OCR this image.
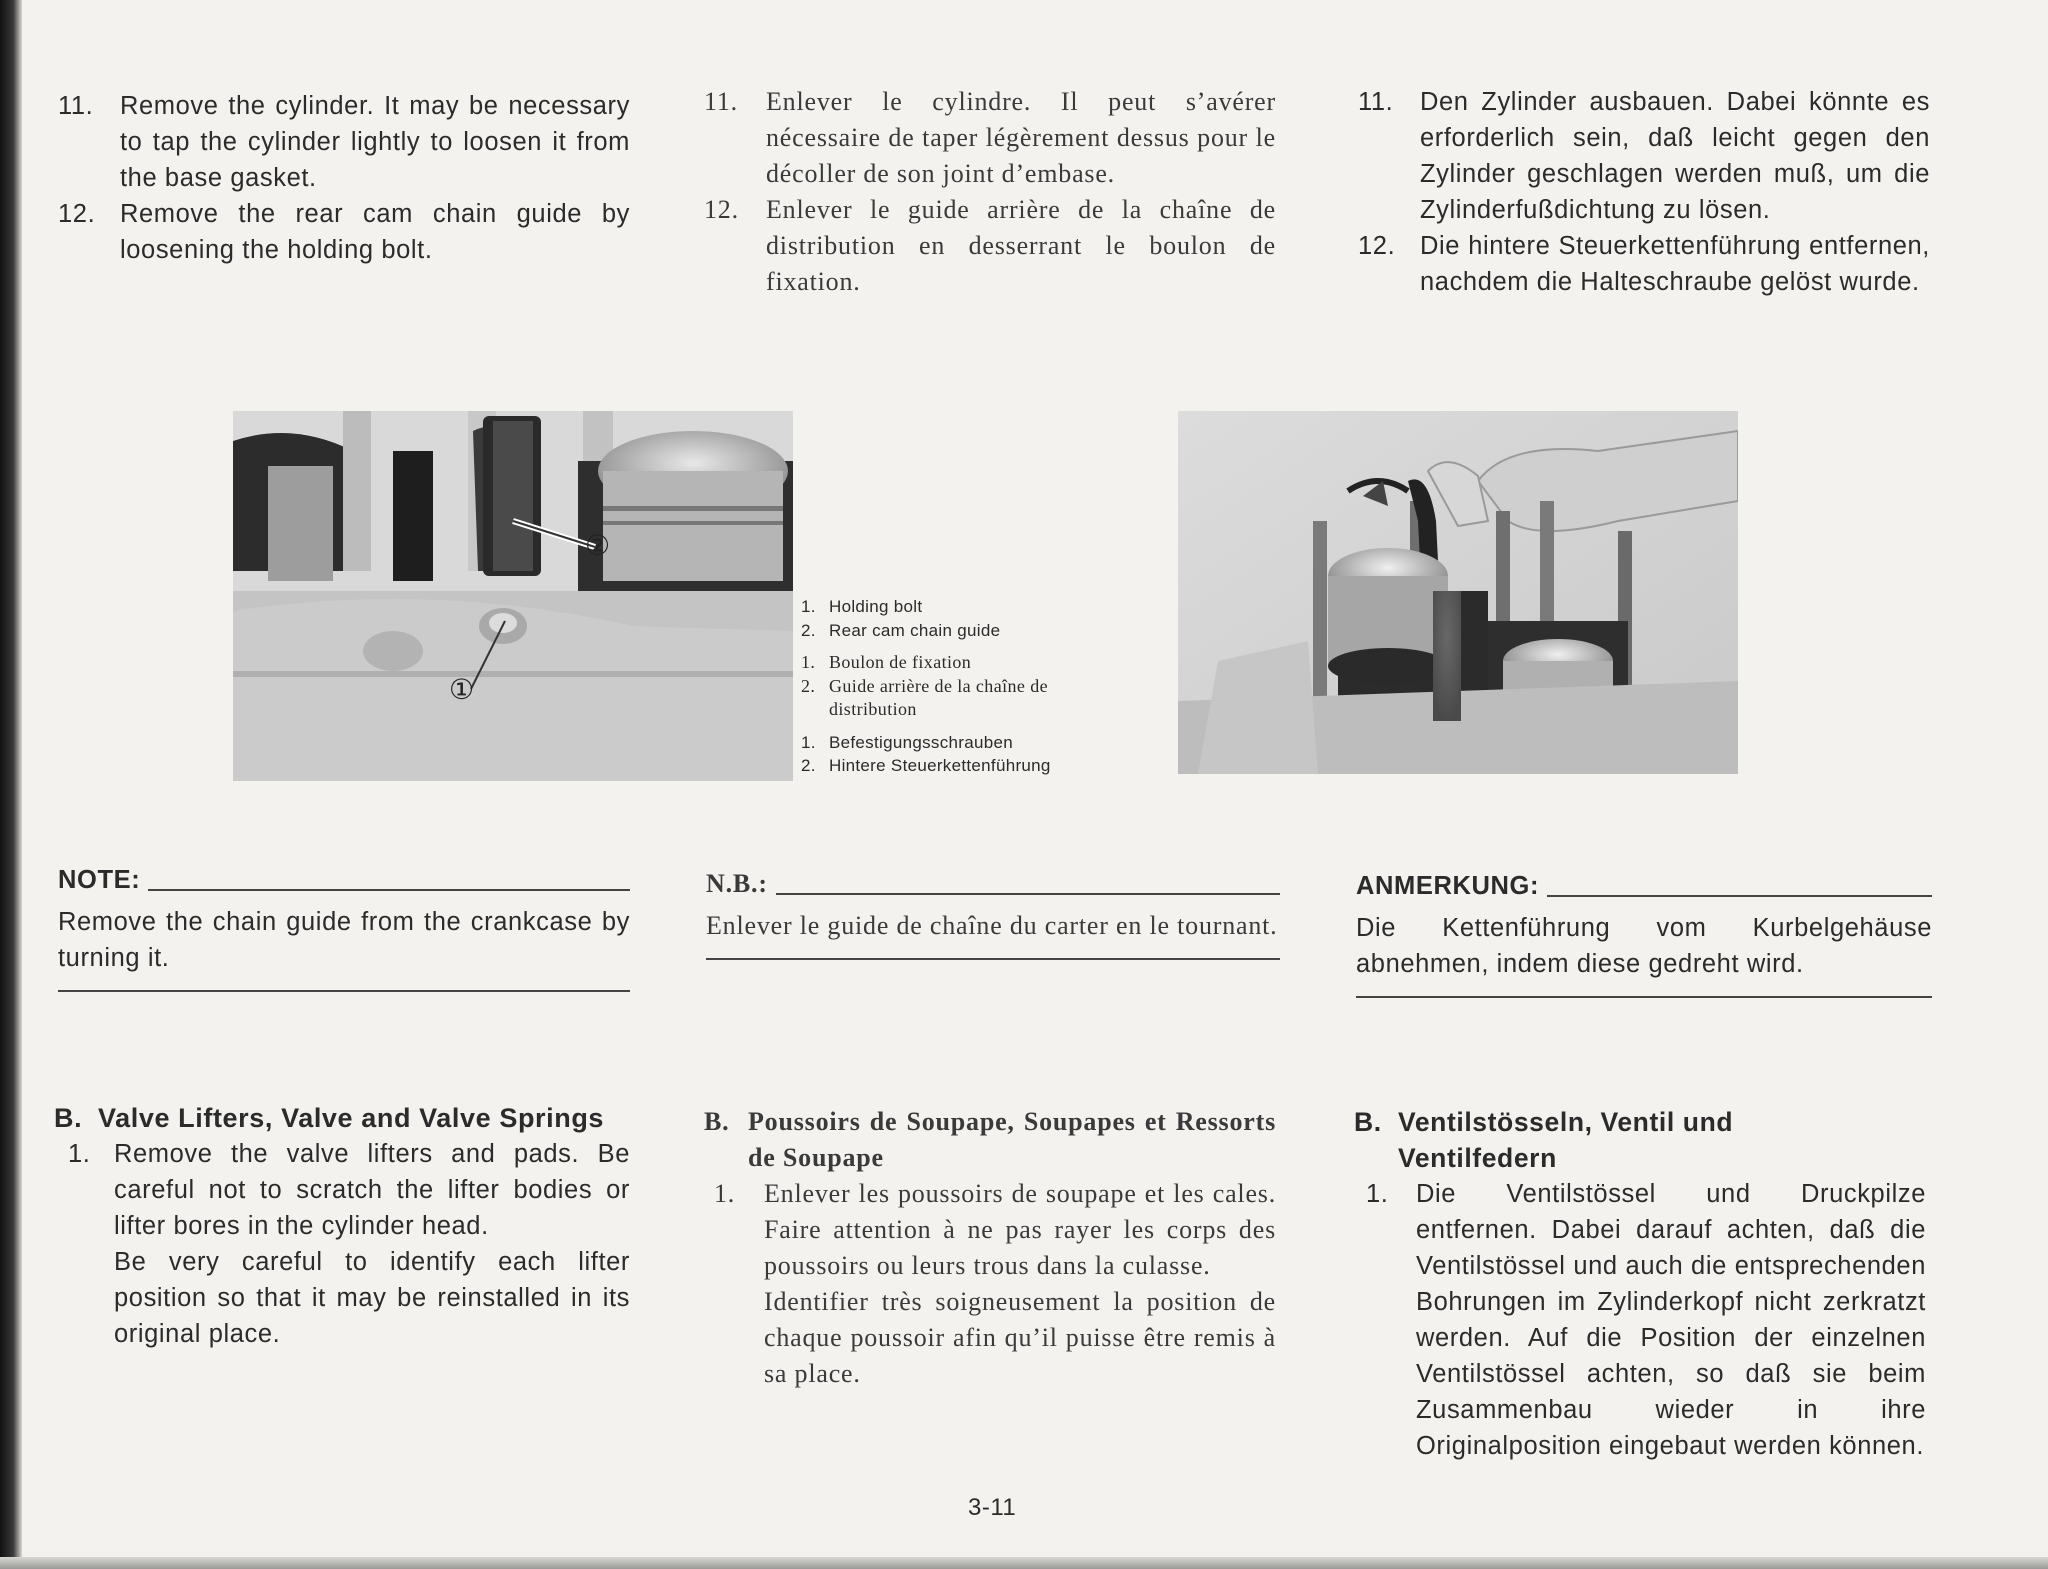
11.	Remove the cylinder. It may be necessary to tap the cylinder lightly to loosen it from the base gasket.

12. Remove the rear cam chain guide by loosening the holding bolt.

11.	Enlever le cylindre. Il peut s’avérer nécessaire de taper légèrement dessus pour le décoller de son joint d’embase.

12.	Enlever le guide arrière de la chaîne de distribution en desserrant le boulon de fixation.

11.	Den Zylinder ausbauen. Dabei könnte es erforderlich sein, daß leicht gegen den Zylinder geschlagen werden muß, um die Zylinderfußdichtung zu lösen.

12. Die hintere Steuerkettenführung entfernen, nachdem die Halteschraube gelöst wurde.

①
②
1. Holding bolt
2. Rear cam chain guide
1. Boulon de fixation
2. Guide arrière de la chaîne de distribution
1. Befestigungsschrauben
2. Hintere Steuerkettenführung
NOTE:
Remove the chain guide from the crankcase by turning it.
N.B.:
Enlever le guide de chaîne du carter en le tournant.
ANMERKUNG:
Die Kettenführung vom Kurbelgehäuse abnehmen, indem diese gedreht wird.
B. Valve Lifters, Valve and Valve Springs
1. Remove the valve lifters and pads. Be careful not to scratch the lifter bodies or lifter bores in the cylinder head.

Be very careful to identify each lifter position so that it may be reinstalled in its original place.

B. Poussoirs de Soupape, Soupapes et Ressorts de Soupape
1.	Enlever les poussoirs de soupape et les cales. Faire attention à ne pas rayer les corps des poussoirs ou leurs trous dans la culasse.

Identifier très soigneusement la position de chaque poussoir afin qu’il puisse être remis à sa place.

B. Ventilstösseln, Ventil und Ventilfedern
1.	Die Ventilstössel und Druckpilze entfernen. Dabei darauf achten, daß die Ventilstössel und auch die entsprechenden Bohrungen im Zylinderkopf nicht zerkratzt werden. Auf die Position der einzelnen Ventilstössel achten, so daß sie beim Zusammenbau wieder in ihre Originalposition eingebaut werden können.

3-11
